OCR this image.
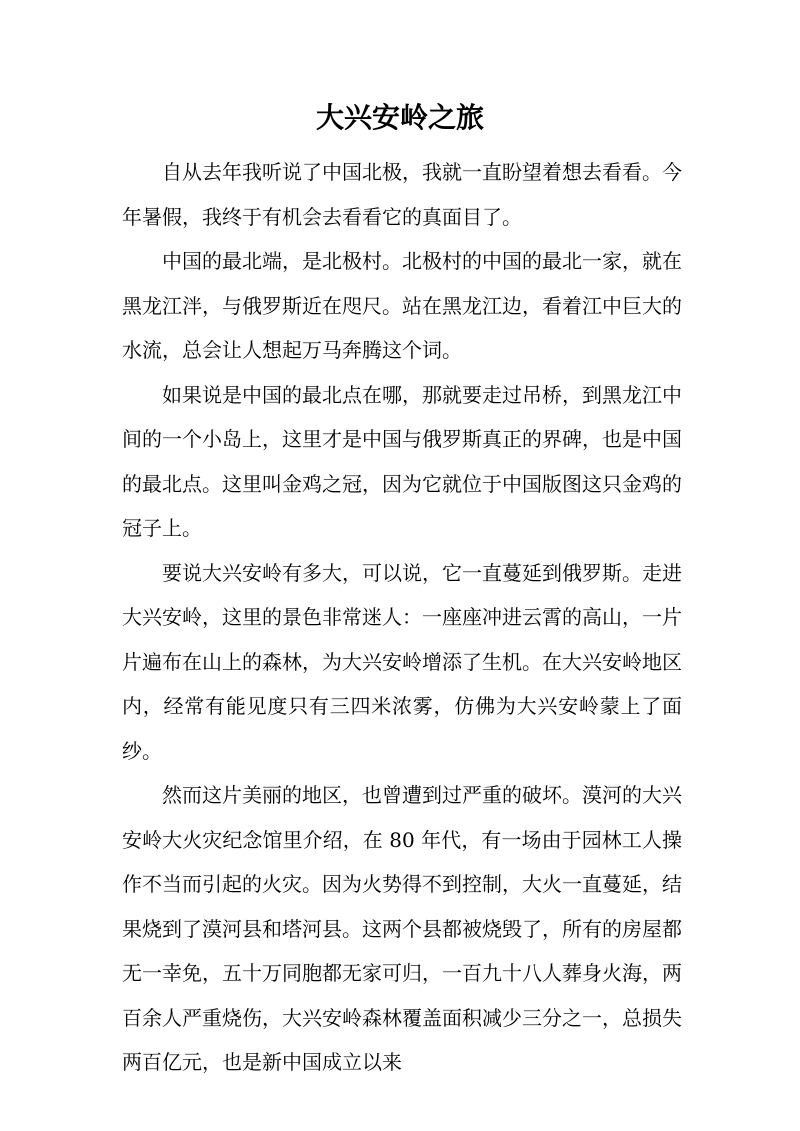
大兴安岭之旅

自从去年我听说了中国北极，我就一直盼望着想去看看。今年暑假，我终于有机会去看看它的真面目了。

中国的最北端，是北极村。北极村的中国的最北一家，就在黑龙江泮，与俄罗斯近在咫尺。站在黑龙江边，看着江中巨大的水流，总会让人想起万马奔腾这个词。

如果说是中国的最北点在哪，那就要走过吊桥，到黑龙江中间的一个小岛上，这里才是中国与俄罗斯真正的界碑，也是中国的最北点。这里叫金鸡之冠，因为它就位于中国版图这只金鸡的冠子上。

要说大兴安岭有多大，可以说，它一直蔓延到俄罗斯。走进大兴安岭，这里的景色非常迷人：一座座冲进云霄的高山，一片片遍布在山上的森林，为大兴安岭增添了生机。在大兴安岭地区内，经常有能见度只有三四米浓雾，仿佛为大兴安岭蒙上了面纱。

然而这片美丽的地区，也曾遭到过严重的破坏。漠河的大兴安岭大火灾纪念馆里介绍，在 80 年代，有一场由于园林工人操作不当而引起的火灾。因为火势得不到控制，大火一直蔓延，结果烧到了漠河县和塔河县。这两个县都被烧毁了，所有的房屋都无一幸免，五十万同胞都无家可归，一百九十八人葬身火海，两百余人严重烧伤，大兴安岭森林覆盖面积减少三分之一，总损失两百亿元，也是新中国成立以来
